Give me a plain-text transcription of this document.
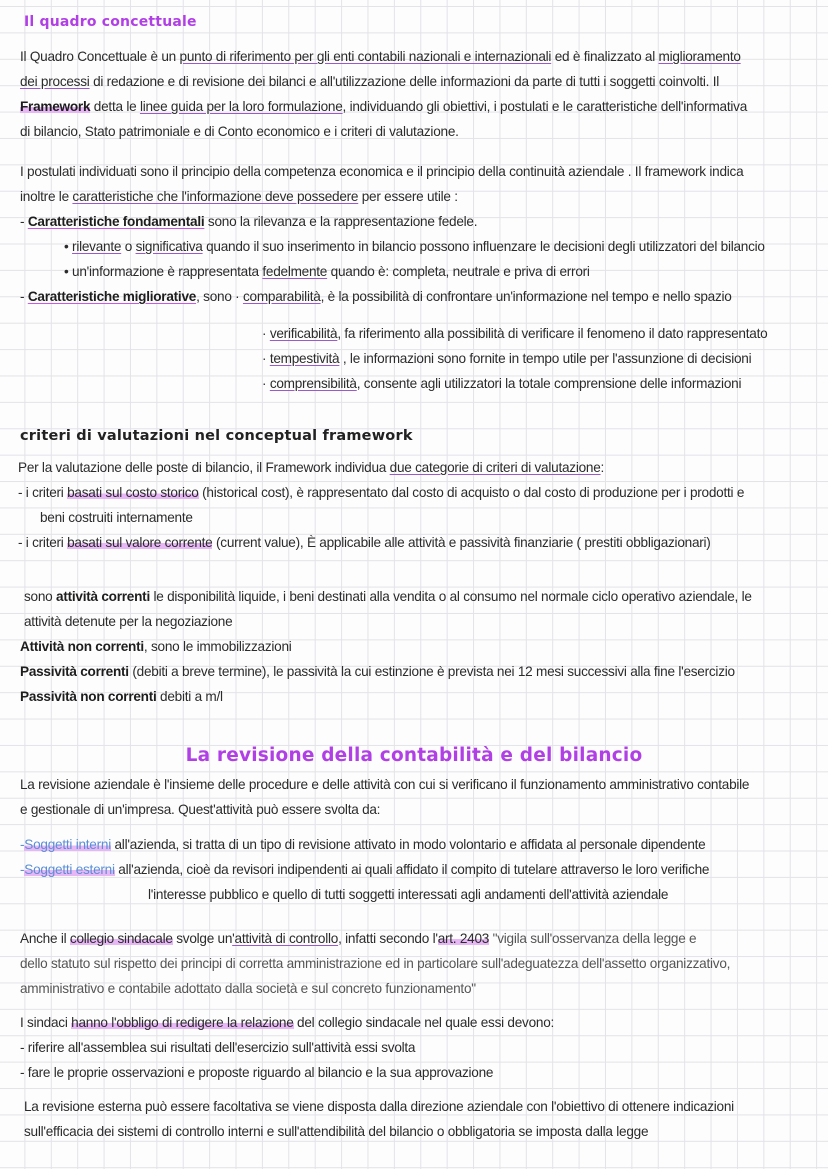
Il quadro concettuale

Il Quadro Concettuale è un punto di riferimento per gli enti contabili nazionali e internazionali ed è finalizzato al miglioramento

dei processi di redazione e di revisione dei bilanci e all'utilizzazione delle informazioni da parte di tutti i soggetti coinvolti. Il

Framework detta le linee guida per la loro formulazione, individuando gli obiettivi, i postulati e le caratteristiche dell'informativa

di bilancio, Stato patrimoniale e di Conto economico e i criteri di valutazione.

I postulati individuati sono il principio della competenza economica e il principio della continuità aziendale . Il framework indica

inoltre le caratteristiche che l'informazione deve possedere per essere utile :

- Caratteristiche fondamentali sono la rilevanza e la rappresentazione fedele.

• rilevante o significativa quando il suo inserimento in bilancio possono influenzare le decisioni degli utilizzatori del bilancio

• un'informazione è rappresentata fedelmente quando è: completa, neutrale e priva di errori

- Caratteristiche migliorative, sono · comparabilità, è la possibilità di confrontare un'informazione nel tempo e nello spazio

· verificabilità, fa riferimento alla possibilità di verificare il fenomeno il dato rappresentato

· tempestività , le informazioni sono fornite in tempo utile per l'assunzione di decisioni

· comprensibilità, consente agli utilizzatori la totale comprensione delle informazioni

criteri di valutazioni nel conceptual framework

Per la valutazione delle poste di bilancio, il Framework individua due categorie di criteri di valutazione:

- i criteri basati sul costo storico (historical cost), è rappresentato dal costo di acquisto o dal costo di produzione per i prodotti e

beni costruiti internamente

- i criteri basati sul valore corrente (current value), È applicabile alle attività e passività finanziarie ( prestiti obbligazionari)

sono attività correnti le disponibilità liquide, i beni destinati alla vendita o al consumo nel normale ciclo operativo aziendale, le

attività detenute per la negoziazione

Attività non correnti, sono le immobilizzazioni

Passività correnti (debiti a breve termine), le passività la cui estinzione è prevista nei 12 mesi successivi alla fine l'esercizio

Passività non correnti debiti a m/l

La revisione della contabilità e del bilancio

La revisione aziendale è l'insieme delle procedure e delle attività con cui si verificano il funzionamento amministrativo contabile

e gestionale di un'impresa. Quest'attività può essere svolta da:

-Soggetti interni all'azienda, si tratta di un tipo di revisione attivato in modo volontario e affidata al personale dipendente

-Soggetti esterni all'azienda, cioè da revisori indipendenti ai quali affidato il compito di tutelare attraverso le loro verifiche

l'interesse pubblico e quello di tutti soggetti interessati agli andamenti dell'attività aziendale

Anche il collegio sindacale svolge un'attività di controllo, infatti secondo l'art. 2403 "vigila sull'osservanza della legge e

dello statuto sul rispetto dei principi di corretta amministrazione ed in particolare sull'adeguatezza dell'assetto organizzativo,

amministrativo e contabile adottato dalla società e sul concreto funzionamento"

I sindaci hanno l'obbligo di redigere la relazione del collegio sindacale nel quale essi devono:

- riferire all'assemblea sui risultati dell'esercizio sull'attività essi svolta

- fare le proprie osservazioni e proposte riguardo al bilancio e la sua approvazione

La revisione esterna può essere facoltativa se viene disposta dalla direzione aziendale con l'obiettivo di ottenere indicazioni

sull'efficacia dei sistemi di controllo interni e sull'attendibilità del bilancio o obbligatoria se imposta dalla legge
